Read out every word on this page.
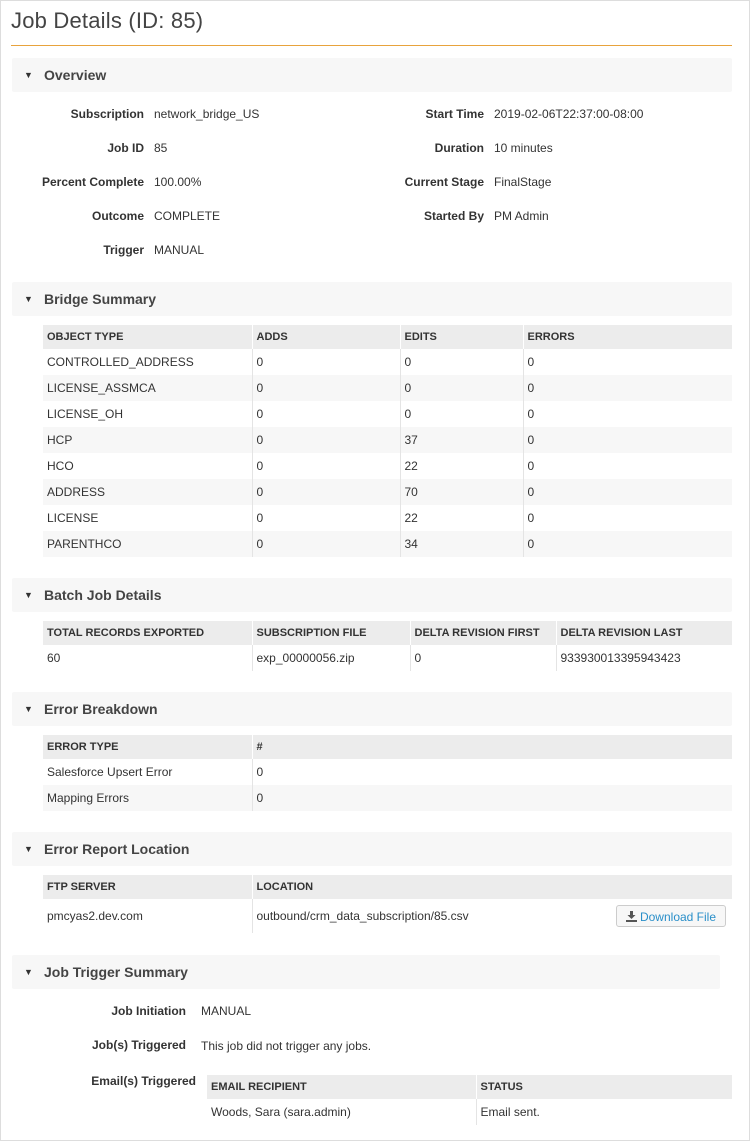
Job Details (ID: 85)
▼ Overview
Subscription network_bridge_US
Job ID 85
Percent Complete 100.00%
Outcome COMPLETE
Trigger MANUAL
Start Time 2019-02-06T22:37:00-08:00
Duration 10 minutes
Current Stage FinalStage
Started By PM Admin
▼ Bridge Summary
OBJECT TYPE	ADDS	EDITS	ERRORS
CONTROLLED_ADDRESS	0	0	0
LICENSE_ASSMCA	0	0	0
LICENSE_OH	0	0	0
HCP	0	37	0
HCO	0	22	0
ADDRESS	0	70	0
LICENSE	0	22	0
PARENTHCO	0	34	0
▼ Batch Job Details
TOTAL RECORDS EXPORTED	SUBSCRIPTION FILE	DELTA REVISION FIRST	DELTA REVISION LAST
60	exp_00000056.zip	0	933930013395943423
▼ Error Breakdown
ERROR TYPE	#
Salesforce Upsert Error	0
Mapping Errors	0
▼ Error Report Location
FTP SERVER	LOCATION
pmcyas2.dev.com	outbound/crm_data_subscription/85.csv	Download File
▼ Job Trigger Summary
Job Initiation MANUAL
Job(s) Triggered This job did not trigger any jobs.
Email(s) Triggered EMAIL RECIPIENT	STATUS
Woods, Sara (sara.admin)	Email sent.
